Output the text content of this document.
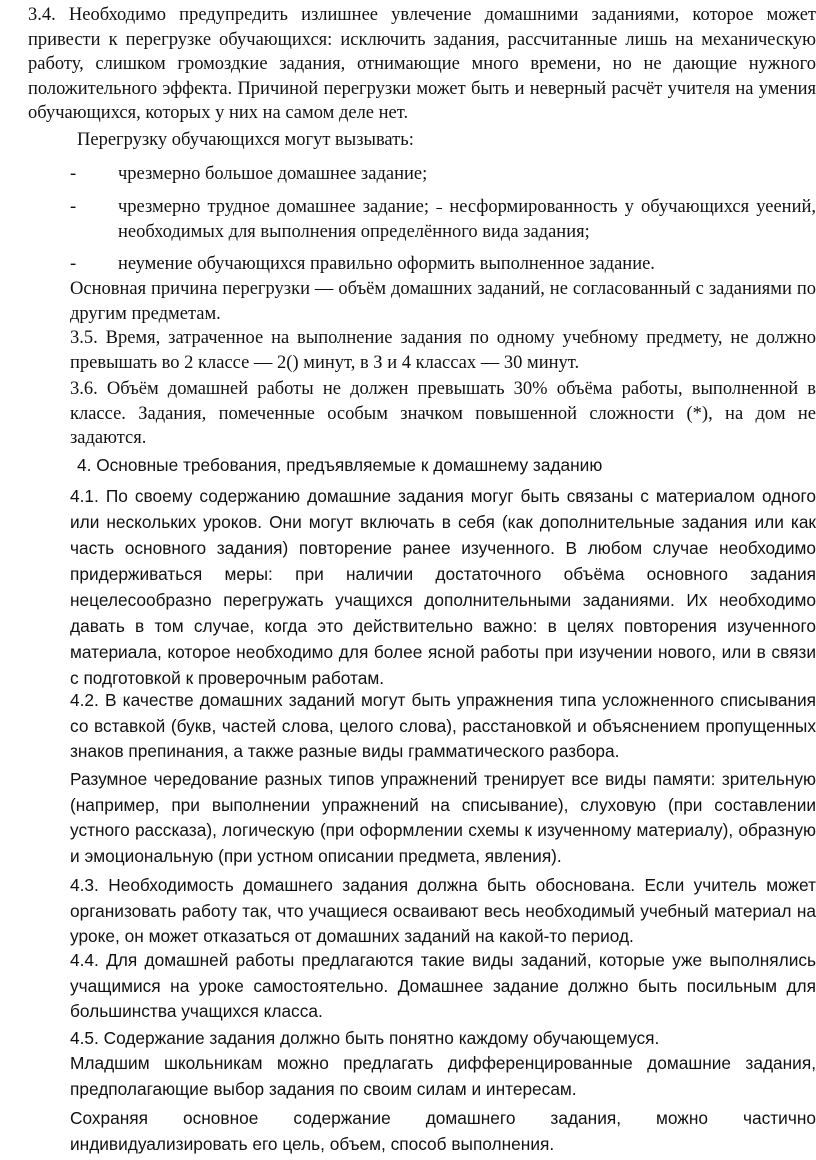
3.4. Необходимо предупредить излишнее увлечение домашними заданиями, которое может привести к перегрузке обучающихся: исключить задания, рассчитанные лишь на механическую работу, слишком громоздкие задания, отнимающие много времени, но не дающие нужного положительного эффекта. Причиной перегрузки может быть и неверный расчёт учителя на умения обучающихся, которых у них на самом деле нет.

Перегрузку обучающихся могут вызывать:

-	чрезмерно большое домашнее задание;
-	чрезмерно трудное домашнее задание; ˗ несформированность у обучающихся уеений, необходимых для выполнения определённого вида задания;
-	неумение обучающихся правильно оформить выполненное задание.

Основная причина перегрузки — объём домашних заданий, не согласованный с заданиями по другим предметам.

3.5. Время, затраченное на выполнение задания по одному учебному предмету, не должно превышать во 2 классе — 2() минут, в З и 4 классах — 30 минут.

3.6. Объём домашней работы не должен превышать 30% объёма работы, выполненной в классе. Задания, помеченные особым значком повышенной сложности (*), на дом не задаются.

4. Основные требования, предъявляемые к домашнему заданию

4.1. По своему содержанию домашние задания могуг быть связаны с материалом одного или нескольких уроков. Они могут включать в себя (как дополнительные задания или как часть основного задания) повторение ранее изученного. В любом случае необходимо придерживаться меры: при наличии достаточного объёма основного задания нецелесообразно перегружать учащихся дополнительными заданиями. Их необходимо давать в том случае, когда это действительно важно: в целях повторения изученного материала, которое необходимо для более ясной работы при изучении нового, или в связи с подготовкой к проверочным работам.

4.2. В качестве домашних заданий могут быть упражнения типа усложненного списывания со вставкой (букв, частей слова, целого слова), расстановкой и объяснением пропущенных знаков препинания, а также разные виды грамматического разбора.

Разумное чередование разных типов упражнений тренирует все виды памяти: зрительную (например, при выполнении упражнений на списывание), слуховую (при составлении устного рассказа), логическую (при оформлении схемы к изученному материалу), образную и эмоциональную (при устном описании предмета, явления).

4.3. Необходимость домашнего задания должна быть обоснована. Если учитель может организовать работу так, что учащиеся осваивают весь необходимый учебный материал на уроке, он может отказаться от домашних заданий на какой-то период.

4.4. Для домашней работы предлагаются такие виды заданий, которые уже выполнялись учащимися на уроке самостоятельно. Домашнее задание должно быть посильным для большинства учащихся класса.

4.5. Содержание задания должно быть понятно каждому обучающемуся.

Младшим школьникам можно предлагать дифференцированные домашние задания, предполагающие выбор задания по своим силам и интересам.

Сохраняя основное содержание домашнего задания, можно частично индивидуализировать его цель, объем, способ выполнения.
